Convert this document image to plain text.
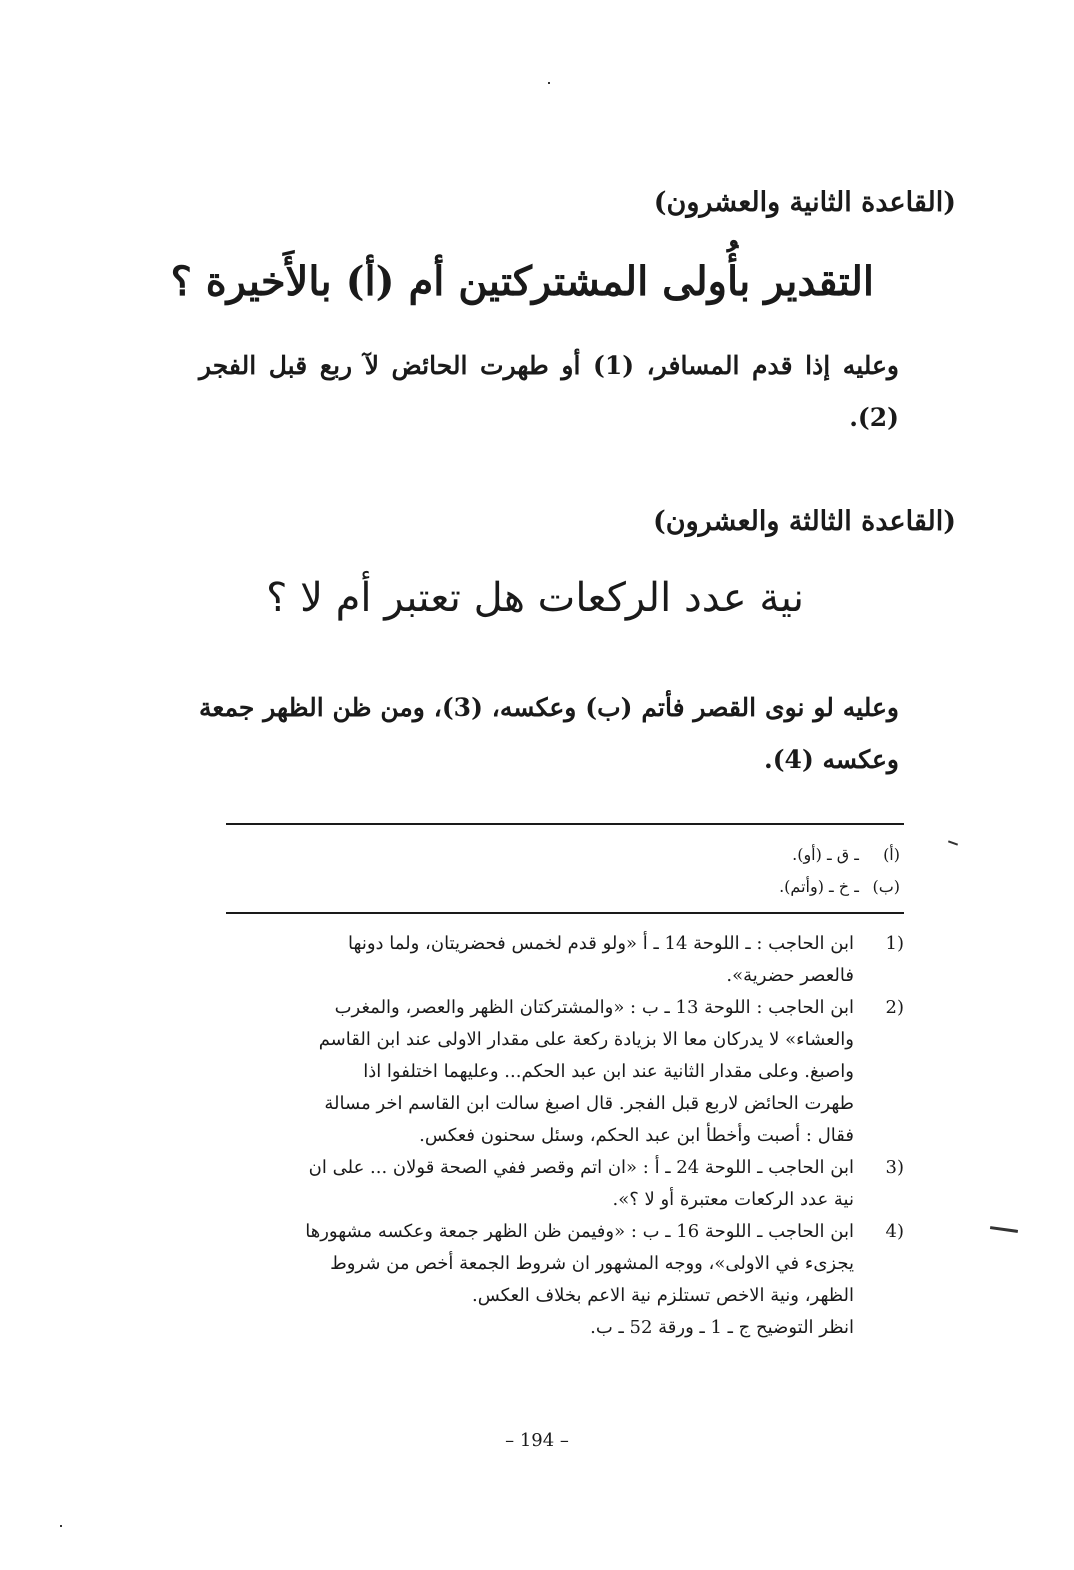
(القاعدة الثانية والعشرون)
التقدير بأُولى المشتركتين أم (أ) بالأَخيرة ؟
وعليه إذا قدم المسافر، (1) أو طهرت الحائض لآ ربع قبل الفجر (2).
(القاعدة الثالثة والعشرون)
نية عدد الركعات هل تعتبر أم لا ؟
وعليه لو نوى القصر فأتم (ب) وعكسه، (3)، ومن ظن الظهر جمعة وعكسه (4).
(أ) ـ ق ـ (أو).
(ب) ـ خ ـ (وأتم).
(1
ابن الحاجب : ـ اللوحة 14 ـ أ «ولو قدم لخمس فحضريتان، ولما دونها
فالعصر حضرية».
(2
ابن الحاجب : اللوحة 13 ـ ب : «والمشتركتان الظهر والعصر، والمغرب
والعشاء» لا يدركان معا الا بزيادة ركعة على مقدار الاولى عند ابن القاسم
واصبغ. وعلى مقدار الثانية عند ابن عبد الحكم... وعليهما اختلفوا اذا
طهرت الحائض لاربع قبل الفجر. قال اصبغ سالت ابن القاسم اخر مسالة
فقال : أصبت وأخطأ ابن عبد الحكم، وسئل سحنون فعكس.
(3
ابن الحاجب ـ اللوحة 24 ـ أ : «ان اتم وقصر ففي الصحة قولان ... على ان
نية عدد الركعات معتبرة أو لا ؟».
(4
ابن الحاجب ـ اللوحة 16 ـ ب : «وفيمن ظن الظهر جمعة وعكسه مشهورها
يجزىء في الاولى»، ووجه المشهور ان شروط الجمعة أخص من شروط
الظهر، ونية الاخص تستلزم نية الاعم بخلاف العكس.
انظر التوضيح ج ـ 1 ـ ورقة 52 ـ ب.
– 194 –
